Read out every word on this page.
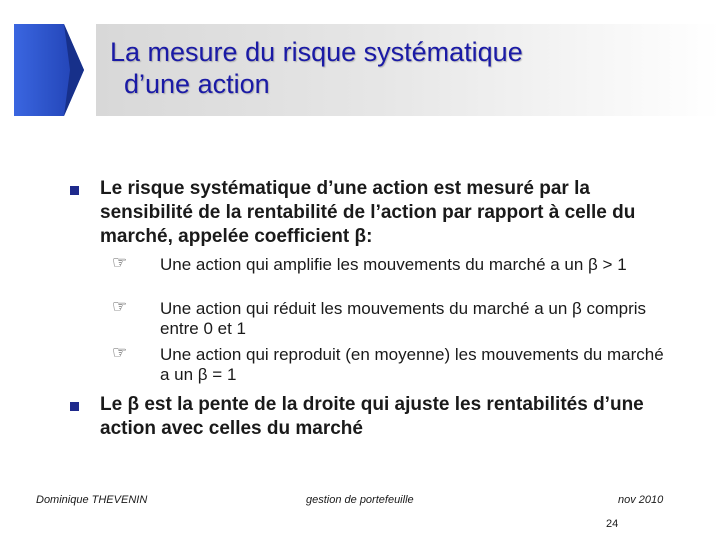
La mesure du risque systématique
d’une action
Le risque systématique d’une action est mesuré par la sensibilité de la rentabilité de l’action par rapport à celle du marché, appelée coefficient β:
☞ Une action qui amplifie les mouvements du marché a un β > 1
☞ Une action qui réduit les mouvements du marché a un β compris entre 0 et 1
☞ Une action qui reproduit (en moyenne) les mouvements du marché a un β = 1
Le β est la pente de la droite qui ajuste les rentabilités d’une action avec celles du marché
Dominique THEVENIN	gestion de portefeuille	nov 2010
24
